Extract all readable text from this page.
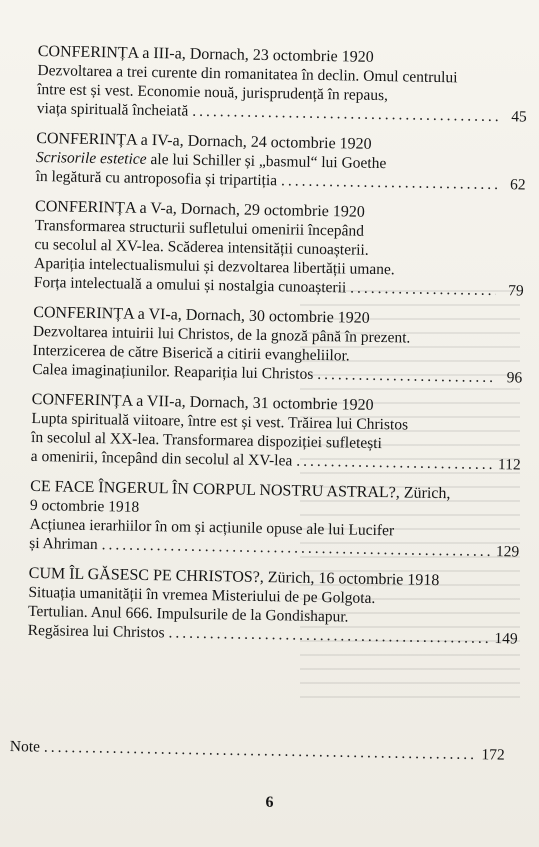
CONFERINȚA a III-a, Dornach, 23 octombrie 1920

Dezvoltarea a trei curente din romanitatea în declin. Omul centrului

între est și vest. Economie nouă, jurisprudență în repaus,

viața spirituală încheiată .....	45

CONFERINȚA a IV-a, Dornach, 24 octombrie 1920

Scrisorile estetice ale lui Schiller și „basmul“ lui Goethe

în legătură cu antroposofia și tripartiția .....	62

CONFERINȚA a V-a, Dornach, 29 octombrie 1920

Transformarea structurii sufletului omenirii începând

cu secolul al XV-lea. Scăderea intensității cunoașterii.

Apariția intelectualismului și dezvoltarea libertății umane.

Forța intelectuală a omului și nostalgia cunoașterii .....	79

CONFERINȚA a VI-a, Dornach, 30 octombrie 1920

Dezvoltarea intuirii lui Christos, de la gnoză până în prezent.

Interzicerea de către Biserică a citirii evangheliilor.

Calea imaginațiunilor. Reapariția lui Christos .....	96

CONFERINȚA a VII-a, Dornach, 31 octombrie 1920

Lupta spirituală viitoare, între est și vest. Trăirea lui Christos

în secolul al XX-lea. Transformarea dispoziției sufletești

a omenirii, începând din secolul al XV-lea .....	112

CE FACE ÎNGERUL ÎN CORPUL NOSTRU ASTRAL?, Zürich,

9 octombrie 1918

Acțiunea ierarhiilor în om și acțiunile opuse ale lui Lucifer

și Ahriman .....	129

CUM ÎL GĂSESC PE CHRISTOS?, Zürich, 16 octombrie 1918

Situația umanității în vremea Misteriului de pe Golgota.

Tertulian. Anul 666. Impulsurile de la Gondishapur.

Regăsirea lui Christos .....	149
Note .....	172
6
